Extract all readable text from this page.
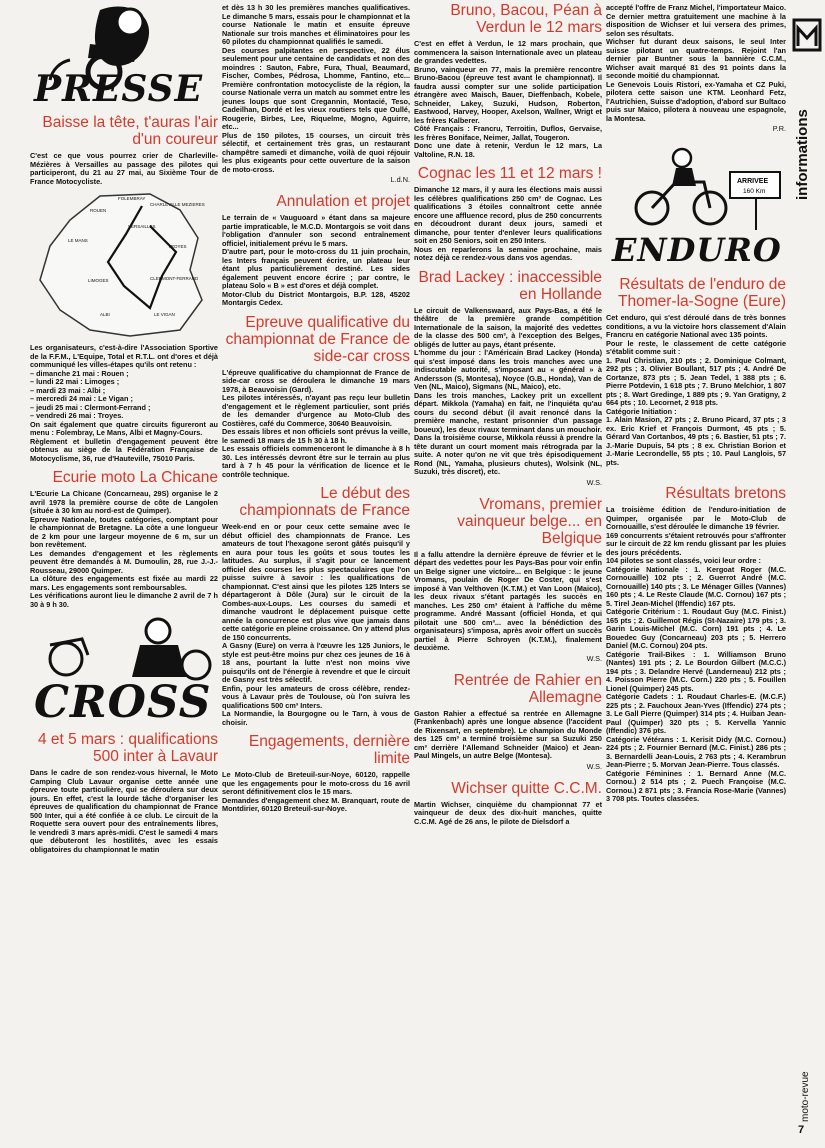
PRESSE
Baisse la tête, t'auras l'air d'un coureur

C'est ce que vous pourrez crier de Charleville-Mézières à Versailles au passage des pilotes qui participeront, du 21 au 27 mai, au Sixième Tour de France Motocycliste.

FOLEMBRAY
CHARLEVILLE MEZIERES
LE MANS
VERSAILLES
ALBI	LE VIGAN
CLERMONT-FERRAND
TROYES
ROUEN
LIMOGES

Les organisateurs, c'est-à-dire l'Association Sportive de la F.F.M., L'Equipe, Total et R.T.L. ont d'ores et déjà communiqué les villes-étapes qu'ils ont retenu :
– dimanche 21 mai : Rouen ;
– lundi 22 mai : Limoges ;
– mardi 23 mai : Albi ;
– mercredi 24 mai : Le Vigan ;
– jeudi 25 mai : Clermont-Ferrand ;
– vendredi 26 mai : Troyes.
On sait également que quatre circuits figureront au menu : Folembray, Le Mans, Albi et Magny-Cours.
Règlement et bulletin d'engagement peuvent être obtenus au siège de la Fédération Française de Motocyclisme, 36, rue d'Hauteville, 75010 Paris.

Ecurie moto La Chicane

L'Ecurie La Chicane (Concarneau, 29S) organise le 2 avril 1978 la première course de côte de Langolen (située à 30 km au nord-est de Quimper).
Epreuve Nationale, toutes catégories, comptant pour le championnat de Bretagne. La côte a une longueur de 2 km pour une largeur moyenne de 6 m, sur un bon revêtement.
Les demandes d'engagement et les règlements peuvent être demandés à M. Dumoulin, 28, rue J.-J.-Rousseau, 29000 Quimper.
La clôture des engagements est fixée au mardi 22 mars. Les engagements sont remboursables.
Les vérifications auront lieu le dimanche 2 avril de 7 h 30 à 9 h 30.

CROSS
4 et 5 mars : qualifications 500 inter à Lavaur

Dans le cadre de son rendez-vous hivernal, le Moto Camping Club Lavaur organise cette année une épreuve toute particulière, qui se déroulera sur deux jours. En effet, c'est la lourde tâche d'organiser les épreuves de qualification du championnat de France 500 Inter, qui a été confiée à ce club. Le circuit de la Roquette sera ouvert pour des entraînements libres, le vendredi 3 mars après-midi. C'est le samedi 4 mars que débuteront les hostilités, avec les essais obligatoires du championnat le matin

et dès 13 h 30 les premières manches qualificatives. Le dimanche 5 mars, essais pour le championnat et la course Nationale le matin et ensuite épreuve Nationale sur trois manches et éliminatoires pour les 60 pilotes du championnat qualifiés le samedi.
Des courses palpitantes en perspective, 22 élus seulement pour une centaine de candidats et non des moindres : Sauton, Fabre, Fura, Thual, Beaumard, Fischer, Combes, Pédrosa, Lhomme, Fantino, etc... Première confrontation motocycliste de la région, la course Nationale verra un match au sommet entre les jeunes loups que sont Cregannin, Montacié, Teso, Cadeilhan, Dordé et les vieux routiers tels que Oullé, Rougerie, Birbes, Lee, Riquelme, Mogno, Aguirre, etc...
Plus de 150 pilotes, 15 courses, un circuit très sélectif, et certainement très gras, un restaurant champêtre samedi et dimanche, voilà de quoi réjouir les plus exigeants pour cette ouverture de la saison de moto-cross.

L.d.N.
Annulation et projet

Le terrain de « Vauguoard » étant dans sa majeure partie impraticable, le M.C.D. Montargois se voit dans l'obligation d'annuler son second entraînement officiel, initialement prévu le 5 mars.
D'autre part, pour le moto-cross du 11 juin prochain, les Inters français peuvent écrire, un plateau leur étant plus particulièrement destiné. Les sides également peuvent encore écrire ; par contre, le plateau Solo « B » est d'ores et déjà complet.
Motor-Club du District Montargois, B.P. 128, 45202 Montargis Cedex.

Epreuve qualificative du championnat de France de side-car cross

L'épreuve qualificative du championnat de France de side-car cross se déroulera le dimanche 19 mars 1978, à Beauvoisin (Gard).
Les pilotes intéressés, n'ayant pas reçu leur bulletin d'engagement et le règlement particulier, sont priés de les demander d'urgence au Moto-Club des Costières, café du Commerce, 30640 Beauvoisin.
Des essais libres et non officiels sont prévus la veille, le samedi 18 mars de 15 h 30 à 18 h.
Les essais officiels commenceront le dimanche à 8 h 30. Les intéressés devront être sur le terrain au plus tard à 7 h 45 pour la vérification de licence et le contrôle technique.

Le début des championnats de France

Week-end en or pour ceux cette semaine avec le début officiel des championnats de France. Les amateurs de tout l'hexagone seront gâtés puisqu'il y en aura pour tous les goûts et sous toutes les latitudes. Au surplus, il s'agit pour ce lancement officiel des courses les plus spectaculaires que l'on puisse suivre à savoir : les qualifications de championnat. C'est ainsi que les pilotes 125 Inters se départageront à Dôle (Jura) sur le circuit de la Combes-aux-Loups. Les courses du samedi et dimanche vaudront le déplacement puisque cette année la concurrence est plus vive que jamais dans cette catégorie en pleine croissance. On y attend plus de 150 concurrents.
A Gasny (Eure) on verra à l'œuvre les 125 Juniors, le style est peut-être moins pur chez ces jeunes de 16 à 18 ans, pourtant la lutte n'est non moins vive puisqu'ils ont de l'énergie à revendre et que le circuit de Gasny est très sélectif.
Enfin, pour les amateurs de cross célèbre, rendez-vous à Lavaur près de Toulouse, où l'on suivra les qualifications 500 cm³ Inters.
La Normandie, la Bourgogne ou le Tarn, à vous de choisir.

Engagements, dernière limite

Le Moto-Club de Breteuil-sur-Noye, 60120, rappelle que les engagements pour le moto-cross du 16 avril seront définitivement clos le 15 mars.
Demandes d'engagement chez M. Branquart, route de Montdirier, 60120 Breteuil-sur-Noye.

Bruno, Bacou, Péan à Verdun le 12 mars

C'est en effet à Verdun, le 12 mars prochain, que commencera la saison Internationale avec un plateau de grandes vedettes.
Bruno, vainqueur en 77, mais la première rencontre Bruno-Bacou (épreuve test avant le championnat). Il faudra aussi compter sur une solide participation étrangère avec Maisch, Bauer, Dieffenbach, Kobele, Schneider, Lakey, Suzuki, Hudson, Roberton, Eastwood, Harvey, Hooper, Axelson, Wallner, Wrigt et les frères Kalberer.
Côté Français : Francru, Terroitin, Duflos, Gervaise, les frères Boniface, Neimer, Jallat, Tougeron.
Donc une date à retenir, Verdun le 12 mars, La Valtoline, R.N. 18.

Cognac les 11 et 12 mars !

Dimanche 12 mars, il y aura les élections mais aussi les célèbres qualifications 250 cm³ de Cognac. Les qualifications 3 étoiles connaîtront cette année encore une affluence record, plus de 250 concurrents en découdront durant deux jours, samedi et dimanche, pour tenter d'enlever leurs qualifications soit en 250 Seniors, soit en 250 Inters.
Nous en reparlerons la semaine prochaine, mais notez déjà ce rendez-vous dans vos agendas.

Brad Lackey : inaccessible en Hollande

Le circuit de Valkenswaard, aux Pays-Bas, a été le théâtre de la première grande compétition Internationale de la saison, la majorité des vedettes de la classe des 500 cm³, à l'exception des Belges, obligés de lutter au pays, étant présente.
L'homme du jour : l'Américain Brad Lackey (Honda) qui s'est imposé dans les trois manches avec une indiscutable autorité, s'imposant au « général » à Andersson (S, Montesa), Noyce (G.B., Honda), Van de Ven (NL, Maico), Sigmans (NL, Maico), etc.
Dans les trois manches, Lackey prit un excellent départ. Mikkola (Yamaha) en fait, ne l'inquiéta qu'au cours du second début (il avait renoncé dans la première manche, restant prisonnier d'un passage boueux), les deux rivaux terminant dans un mouchoir. Dans la troisième course, Mikkola réussi à prendre la tête durant un court moment mais rétrograda par la suite. A noter qu'on ne vit que très épisodiquement Rond (NL, Yamaha, plusieurs chutes), Wolsink (NL, Suzuki, très discret), etc.

W.S.
Vromans, premier vainqueur belge... en Belgique

Il a fallu attendre la dernière épreuve de février et le départ des vedettes pour les Pays-Bas pour voir enfin un Belge signer une victoire... en Belgique : le jeune Vromans, poulain de Roger De Coster, qui s'est imposé à Van Velthoven (K.T.M.) et Van Loon (Maico), les deux rivaux s'étant partagés les succès en manches. Les 250 cm³ étaient à l'affiche du même programme. André Massant (officiel Honda, et qui pilotait une 500 cm³... avec la bénédiction des organisateurs) s'imposa, après avoir offert un succès partiel à Pierre Schroyen (K.T.M.), finalement deuxième.

W.S.
Rentrée de Rahier en Allemagne

Gaston Rahier a effectué sa rentrée en Allemagne (Frankenbach) après une longue absence (l'accident de Rixensart, en septembre). Le champion du Monde des 125 cm³ a terminé troisième sur sa Suzuki 250 cm³ derrière l'Allemand Schneider (Maico) et Jean-Paul Mingels, un autre Belge (Montesa).

W.S.
Wichser quitte C.C.M.

Martin Wichser, cinquième du championnat 77 et vainqueur de deux des dix-huit manches, quitte C.C.M. Agé de 26 ans, le pilote de Dielsdorf a

accepté l'offre de Franz Michel, l'importateur Maico. Ce dernier mettra gratuitement une machine à la disposition de Wichser et lui versera des primes, selon ses résultats.
Wichser fut durant deux saisons, le seul Inter suisse pilotant un quatre-temps. Rejoint l'an dernier par Buntner sous la bannière C.C.M., Wichser avait marqué 81 des 91 points dans la seconde moitié du championnat.
Le Genevois Louis Ristori, ex-Yamaha et CZ Puki, pilotera cette saison une KTM. Leonhard Fetz, l'Autrichien, Suisse d'adoption, d'abord sur Bultaco puis sur Maico, pilotera à nouveau une espagnole, la Montesa.

P.R.
ARRIVEE
160 Km
ENDURO
Résultats de l'enduro de Thomer-la-Sogne (Eure)

Cet enduro, qui s'est déroulé dans de très bonnes conditions, a vu la victoire hors classement d'Alain Francru en catégorie National avec 135 points.
Pour le reste, le classement de cette catégorie s'établit comme suit :
1. Paul Christian, 210 pts ; 2. Dominique Colmant, 292 pts ; 3. Olivier Boullant, 517 pts ; 4. André De Cortanze, 873 pts ; 5. Jean Tedel, 1 388 pts ; 6. Pierre Potdevin, 1 618 pts ; 7. Bruno Melchior, 1 807 pts ; 8. Wart Gredinge, 1 889 pts ; 9. Yan Gratigny, 2 664 pts ; 10. Lecornet, 2 918 pts.
Catégorie Initiation :
1. Alain Masion, 27 pts ; 2. Bruno Picard, 37 pts ; 3 ex. Eric Krief et François Durmont, 45 pts ; 5. Gérard Van Cortanbos, 49 pts ; 6. Bastier, 51 pts ; 7. J.-Marie Dupuis, 54 pts ; 8 ex. Christian Borion et J.-Marie Lecrondelle, 55 pts ; 10. Paul Langlois, 57 pts.

Résultats bretons

La troisième édition de l'enduro-initiation de Quimper, organisée par le Moto-Club de Cornouaille, s'est déroulée le dimanche 19 février.
169 concurrents s'étaient retrouvés pour s'affronter sur le circuit de 22 km rendu glissant par les pluies des jours précédents.
104 pilotes se sont classés, voici leur ordre :
Catégorie Nationale : 1. Kergoat Roger (M.C. Cornouaille) 102 pts ; 2. Guerrot André (M.C. Cornouaille) 140 pts ; 3. Le Ménager Gilles (Vannes) 160 pts ; 4. Le Reste Claude (M.C. Cornou) 167 pts ; 5. Tirel Jean-Michel (Iffendic) 167 pts.
Catégorie Critérium : 1. Roudaut Guy (M.C. Finist.) 165 pts ; 2. Guillemot Régis (St-Nazaire) 179 pts ; 3. Garin Louis-Michel (M.C. Corn) 191 pts ; 4. Le Bouedec Guy (Concarneau) 203 pts ; 5. Herrero Daniel (M.C. Cornou) 204 pts.
Catégorie Trail-Bikes : 1. Williamson Bruno (Nantes) 191 pts ; 2. Le Bourdon Gilbert (M.C.C.) 194 pts ; 3. Delandre Hervé (Landerneau) 212 pts ; 4. Poisson Pierre (M.C. Corn.) 220 pts ; 5. Fouillen Lionel (Quimper) 245 pts.
Catégorie Cadets : 1. Roudaut Charles-E. (M.C.F.) 225 pts ; 2. Fauchoux Jean-Yves (Iffendic) 274 pts ; 3. Le Gall Pierre (Quimper) 314 pts ; 4. Huiban Jean-Paul (Quimper) 320 pts ; 5. Kervella Yannic (Iffendic) 376 pts.
Catégorie Vétérans : 1. Kerisit Didy (M.C. Cornou.) 224 pts ; 2. Fournier Bernard (M.C. Finist.) 286 pts ; 3. Bernardelli Jean-Louis, 2 763 pts ; 4. Kerambrun Jean-Pierre ; 5. Morvan Jean-Pierre. Tous classés.
Catégorie Féminines : 1. Bernard Anne (M.C. Cornou.) 2 514 pts ; 2. Puech Françoise (M.C. Cornou.) 2 871 pts ; 3. Francia Rose-Marie (Vannes) 3 708 pts. Toutes classées.

informations
moto-revue
7
